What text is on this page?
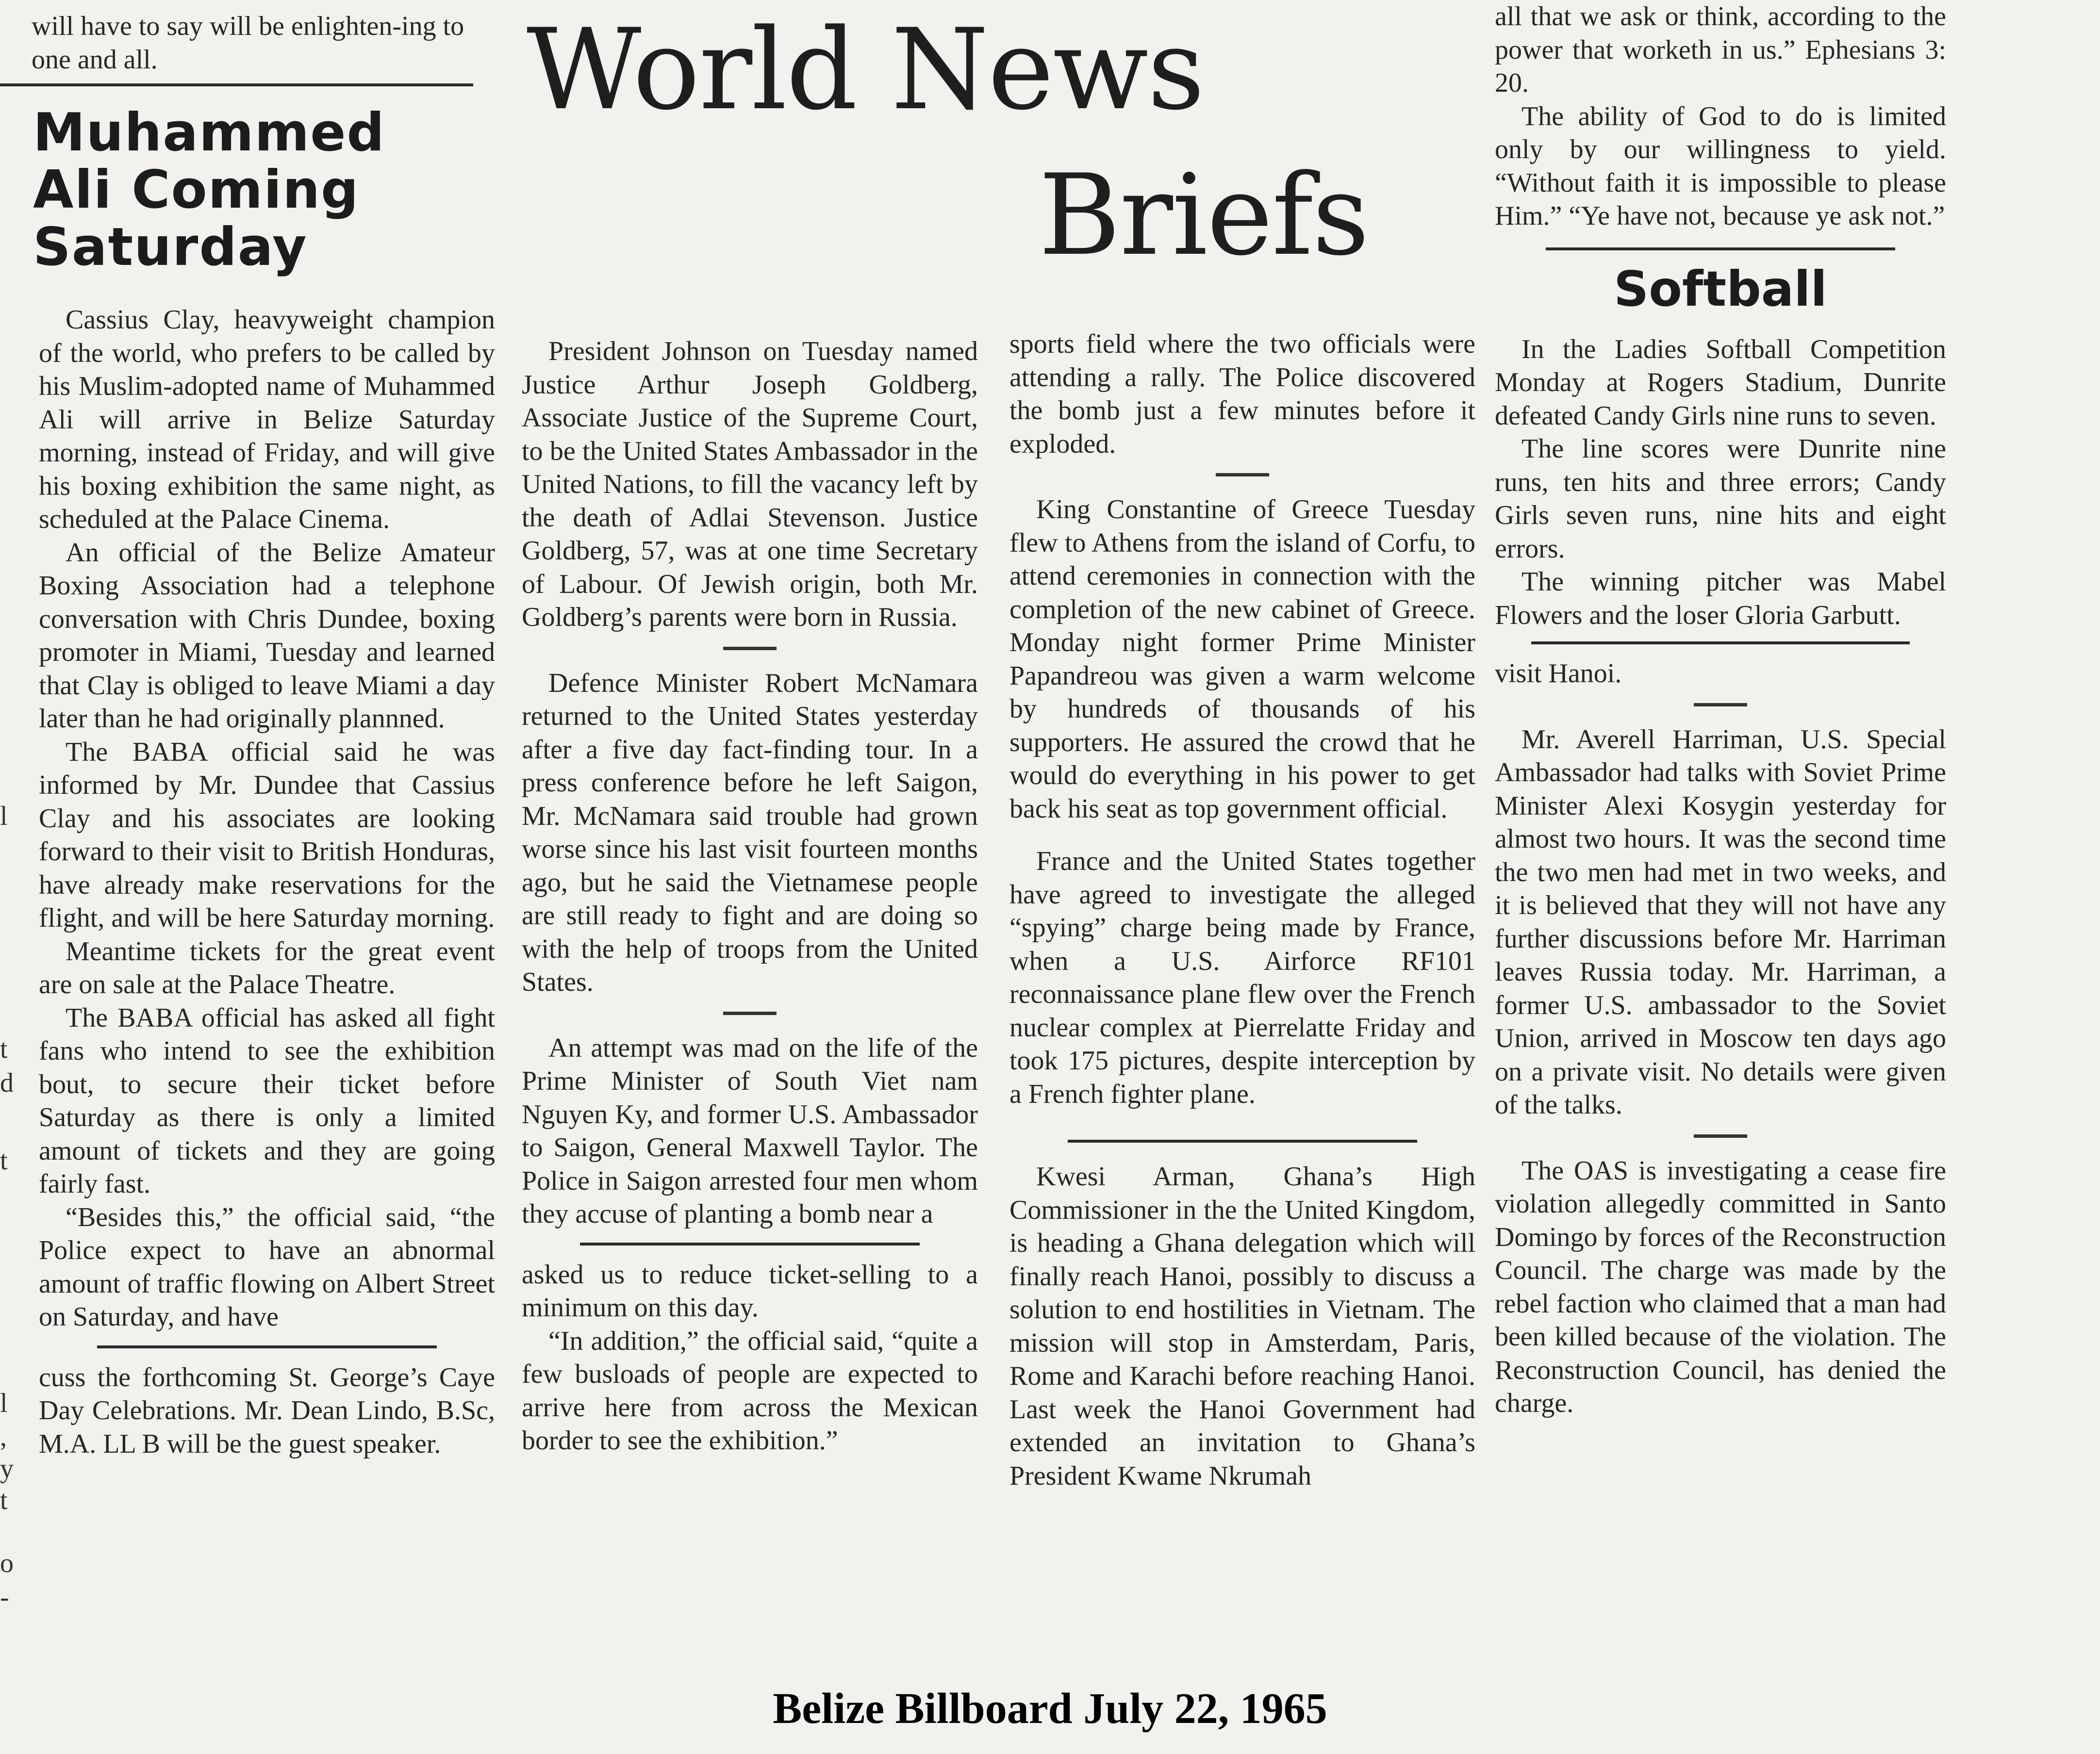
World News
Briefs

will have to say will be enlighten-ing to one and all.

Muhammed
Ali Coming
Saturday

Cassius Clay, heavyweight champion of the world, who prefers to be called by his Muslim-adopted name of Muhammed Ali will arrive in Belize Saturday morning, instead of Friday, and will give his boxing exhibition the same night, as scheduled at the Palace Cinema.

An official of the Belize Amateur Boxing Association had a telephone conversation with Chris Dundee, boxing promoter in Miami, Tuesday and learned that Clay is obliged to leave Miami a day later than he had originally plannned.

The BABA official said he was informed by Mr. Dundee that Cassius Clay and his associates are looking forward to their visit to British Honduras, have already make reservations for the flight, and will be here Saturday morning.

Meantime tickets for the great event are on sale at the Palace Theatre.

The BABA official has asked all fight fans who intend to see the exhibition bout, to secure their ticket before Saturday as there is only a limited amount of tickets and they are going fairly fast.

“Besides this,” the official said, “the Police expect to have an abnormal amount of traffic flowing on Albert Street on Saturday, and have

cuss the forthcoming St. George’s Caye Day Celebrations. Mr. Dean Lindo, B.Sc, M.A. LL B will be the guest speaker.

President Johnson on Tuesday named Justice Arthur Joseph Goldberg, Associate Justice of the Supreme Court, to be the United States Ambassador in the United Nations, to fill the vacancy left by the death of Adlai Stevenson. Justice Goldberg, 57, was at one time Secretary of Labour. Of Jewish origin, both Mr. Goldberg’s parents were born in Russia.

Defence Minister Robert McNamara returned to the United States yesterday after a five day fact-finding tour. In a press conference before he left Saigon, Mr. McNamara said trouble had grown worse since his last visit fourteen months ago, but he said the Vietnamese people are still ready to fight and are doing so with the help of troops from the United States.

An attempt was mad on the life of the Prime Minister of South Viet nam Nguyen Ky, and former U.S. Ambassador to Saigon, General Maxwell Taylor. The Police in Saigon arrested four men whom they accuse of planting a bomb near a

asked us to reduce ticket-selling to a minimum on this day.

“In addition,” the official said, “quite a few busloads of people are expected to arrive here from across the Mexican border to see the exhibition.”

sports field where the two officials were attending a rally. The Police discovered the bomb just a few minutes before it exploded.

King Constantine of Greece Tuesday flew to Athens from the island of Corfu, to attend ceremonies in connection with the completion of the new cabinet of Greece. Monday night former Prime Minister Papandreou was given a warm welcome by hundreds of thousands of his supporters. He assured the crowd that he would do everything in his power to get back his seat as top government official.

France and the United States together have agreed to investigate the alleged “spying” charge being made by France, when a U.S. Airforce RF101 reconnaissance plane flew over the French nuclear complex at Pierrelatte Friday and took 175 pictures, despite interception by a French fighter plane.

Kwesi Arman, Ghana’s High Commissioner in the the United Kingdom, is heading a Ghana delegation which will finally reach Hanoi, possibly to discuss a solution to end hostilities in Vietnam. The mission will stop in Amsterdam, Paris, Rome and Karachi before reaching Hanoi. Last week the Hanoi Government had extended an invitation to Ghana’s President Kwame Nkrumah

all that we ask or think, according to the power that worketh in us.” Ephesians 3: 20.

The ability of God to do is limited only by our willingness to yield. “Without faith it is impossible to please Him.” “Ye have not, because ye ask not.”

Softball

In the Ladies Softball Competition Monday at Rogers Stadium, Dunrite defeated Candy Girls nine runs to seven.

The line scores were Dunrite nine runs, ten hits and three errors; Candy Girls seven runs, nine hits and eight errors.

The winning pitcher was Mabel Flowers and the loser Gloria Garbutt.

visit Hanoi.

Mr. Averell Harriman, U.S. Special Ambassador had talks with Soviet Prime Minister Alexi Kosygin yesterday for almost two hours. It was the second time the two men had met in two weeks, and it is believed that they will not have any further discussions before Mr. Harriman leaves Russia today. Mr. Harriman, a former U.S. ambassador to the Soviet Union, arrived in Moscow ten days ago on a private visit. No details were given of the talks.

The OAS is investigating a cease fire violation allegedly committed in Santo Domingo by forces of the Reconstruction Council. The charge was made by the rebel faction who claimed that a man had been killed because of the violation. The Reconstruction Council, has denied the charge.

l
t
d
t
l
,
y
t
o
-
Belize Billboard July 22, 1965
